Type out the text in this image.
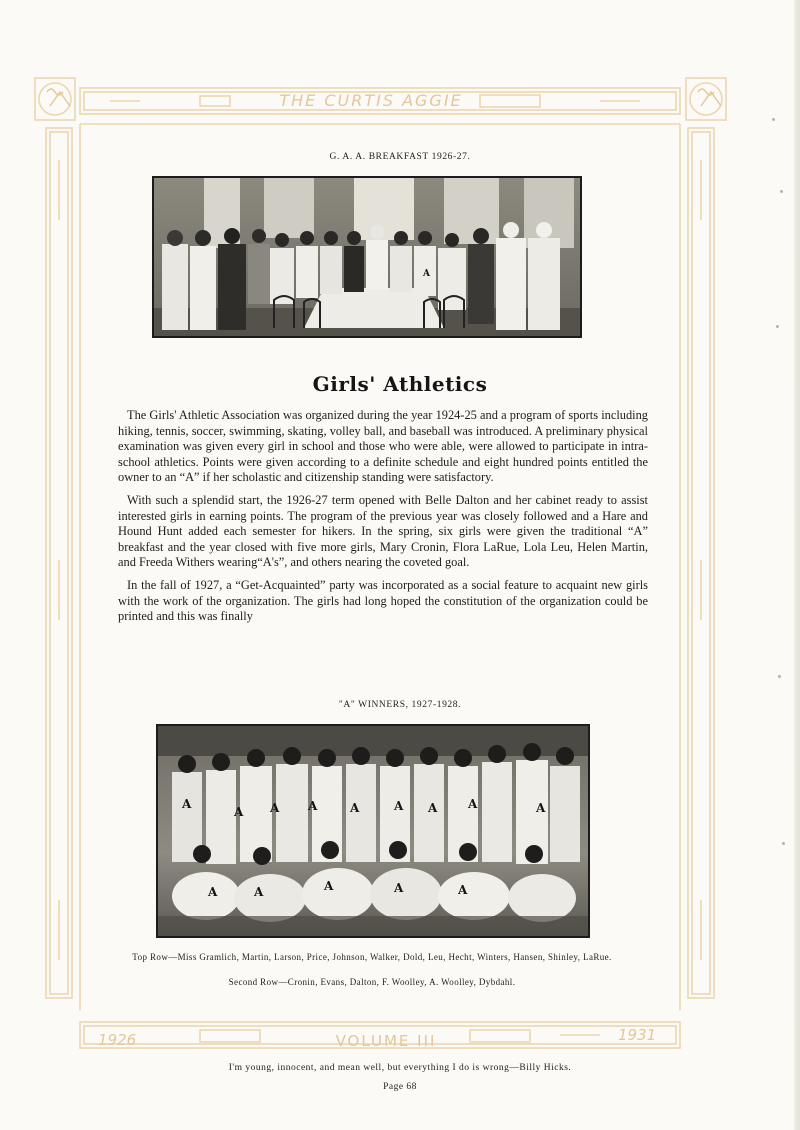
THE CURTIS AGGIE
G. A. A. BREAKFAST 1926-27.
A
Girls' Athletics

The Girls' Athletic Association was organized during the year 1924-25 and a program of sports including hiking, tennis, soccer, swimming, skating, volley ball, and baseball was introduced. A preliminary physical examination was given every girl in school and those who were able, were allowed to participate in intra-school athletics. Points were given according to a definite schedule and eight hundred points entitled the owner to an “A” if her scholastic and citizenship standing were satisfactory.

With such a splendid start, the 1926-27 term opened with Belle Dalton and her cabinet ready to assist interested girls in earning points. The program of the previous year was closely followed and a Hare and Hound Hunt added each semester for hikers. In the spring, six girls were given the traditional “A” breakfast and the year closed with five more girls, Mary Cronin, Flora LaRue, Lola Leu, Helen Martin, and Freeda Withers wearing“A's”, and others nearing the coveted goal.

In the fall of 1927, a “Get-Acquainted” party was incorporated as a social feature to acquaint new girls with the work of the organization. The girls had long hoped the constitution of the organization could be printed and this was finally

"A" WINNERS, 1927-1928.
A
A A A	A	A A	A	A
A	A	A	A	A
Top Row—Miss Gramlich, Martin, Larson, Price, Johnson, Walker, Dold, Leu, Hecht, Winters, Hansen, Shinley, LaRue.
Second Row—Cronin, Evans, Dalton, F. Woolley, A. Woolley, Dybdahl.
1926	VOLUME III	1931
I'm young, innocent, and mean well, but everything I do is wrong—Billy Hicks.
Page 68
